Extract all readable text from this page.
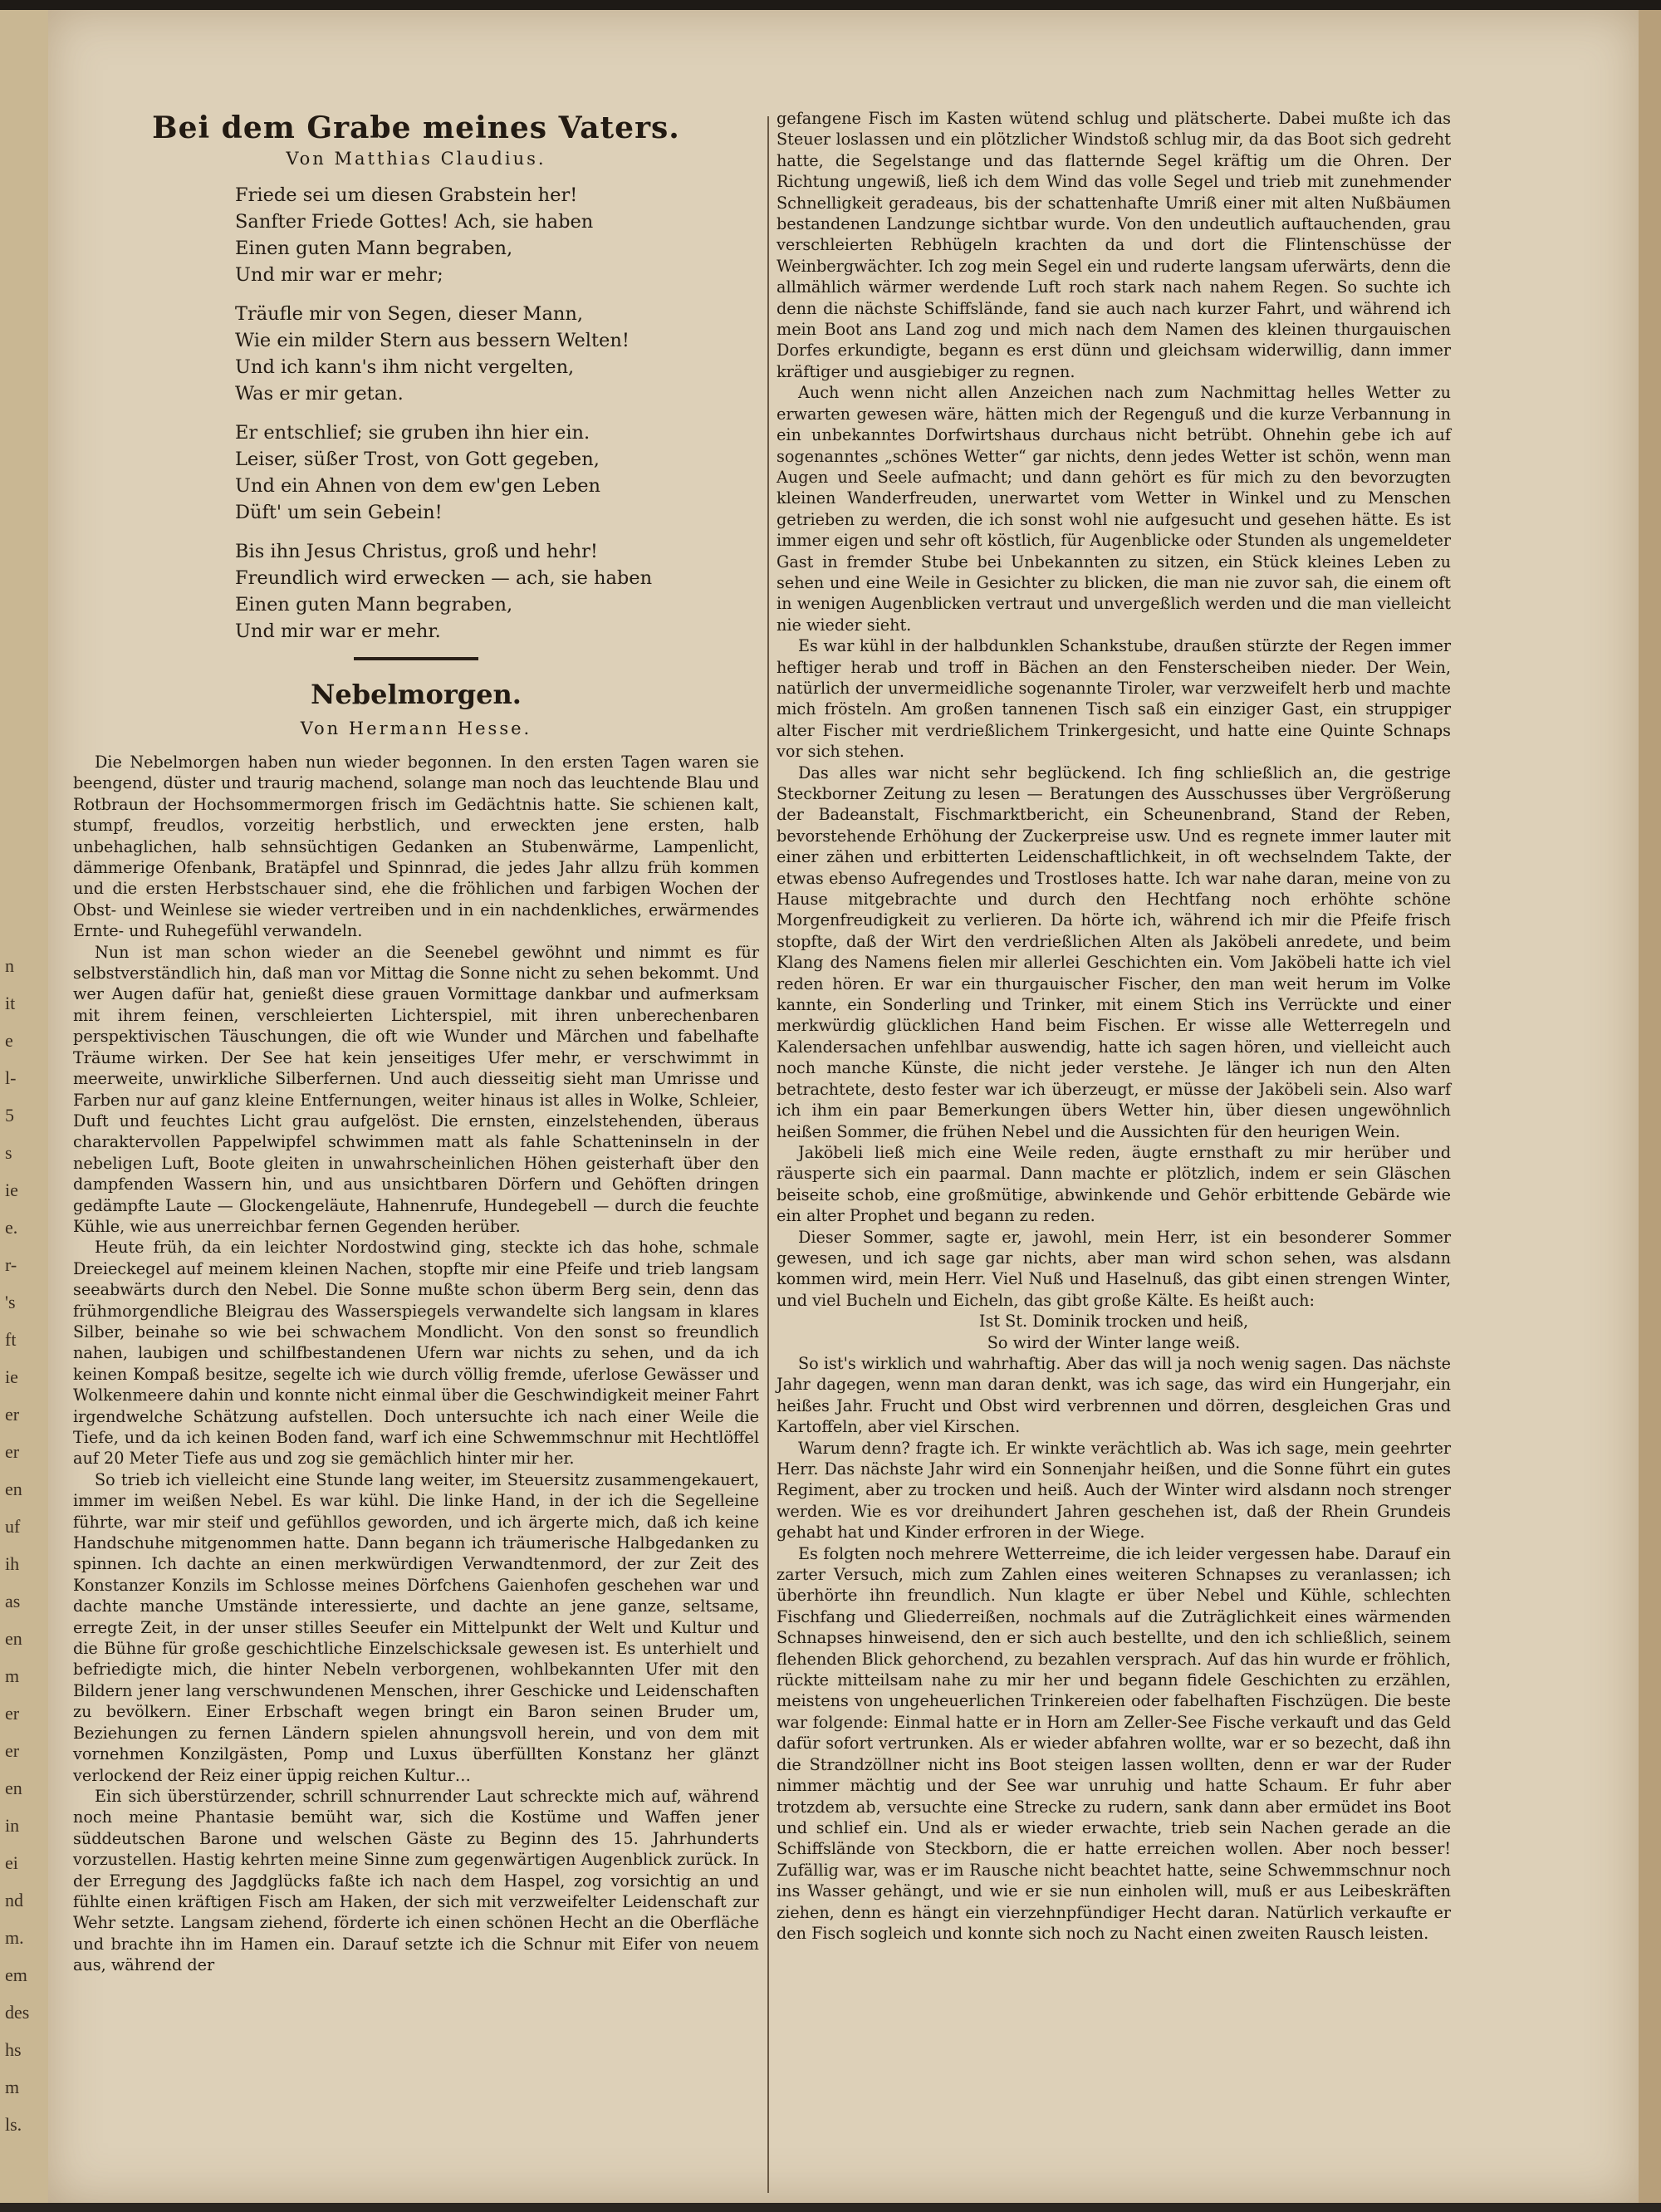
n
it
e
l-
5
s
ie
e.
r-
's
ft
ie
er
er
en
uf
ih
as
en
m
er
er
en
in
ei
nd
m.
em
des
hs
m
ls.
Bei dem Grabe meines Vaters.
Von Matthias Claudius.
Friede sei um diesen Grabstein her!
Sanfter Friede Gottes! Ach, sie haben
Einen guten Mann begraben,
Und mir war er mehr;
Träufle mir von Segen, dieser Mann,
Wie ein milder Stern aus bessern Welten!
Und ich kann's ihm nicht vergelten,
Was er mir getan.
Er entschlief; sie gruben ihn hier ein.
Leiser, süßer Trost, von Gott gegeben,
Und ein Ahnen von dem ew'gen Leben
Düft' um sein Gebein!
Bis ihn Jesus Christus, groß und hehr!
Freundlich wird erwecken — ach, sie haben
Einen guten Mann begraben,
Und mir war er mehr.
Nebelmorgen.
Von Hermann Hesse.

Die Nebelmorgen haben nun wieder begonnen. In den ersten Tagen waren sie beengend, düster und traurig machend, solange man noch das leuchtende Blau und Rotbraun der Hochsommermorgen frisch im Gedächtnis hatte. Sie schienen kalt, stumpf, freudlos, vorzeitig herbstlich, und erweckten jene ersten, halb unbehaglichen, halb sehnsüchtigen Gedanken an Stubenwärme, Lampenlicht, dämmerige Ofenbank, Bratäpfel und Spinnrad, die jedes Jahr allzu früh kommen und die ersten Herbstschauer sind, ehe die fröhlichen und farbigen Wochen der Obst- und Weinlese sie wieder vertreiben und in ein nachdenkliches, erwärmendes Ernte- und Ruhegefühl verwandeln.

Nun ist man schon wieder an die Seenebel gewöhnt und nimmt es für selbstverständlich hin, daß man vor Mittag die Sonne nicht zu sehen bekommt. Und wer Augen dafür hat, genießt diese grauen Vormittage dankbar und aufmerksam mit ihrem feinen, verschleierten Lichterspiel, mit ihren unberechenbaren perspektivischen Täuschungen, die oft wie Wunder und Märchen und fabelhafte Träume wirken. Der See hat kein jenseitiges Ufer mehr, er verschwimmt in meerweite, unwirkliche Silberfernen. Und auch diesseitig sieht man Umrisse und Farben nur auf ganz kleine Entfernungen, weiter hinaus ist alles in Wolke, Schleier, Duft und feuchtes Licht grau aufgelöst. Die ernsten, einzelstehenden, überaus charaktervollen Pappelwipfel schwimmen matt als fahle Schatteninseln in der nebeligen Luft, Boote gleiten in unwahrscheinlichen Höhen geisterhaft über den dampfenden Wassern hin, und aus unsichtbaren Dörfern und Gehöften dringen gedämpfte Laute — Glockengeläute, Hahnenrufe, Hundegebell — durch die feuchte Kühle, wie aus unerreichbar fernen Gegenden herüber.

Heute früh, da ein leichter Nordostwind ging, steckte ich das hohe, schmale Dreieckegel auf meinem kleinen Nachen, stopfte mir eine Pfeife und trieb langsam seeabwärts durch den Nebel. Die Sonne mußte schon überm Berg sein, denn das frühmorgendliche Bleigrau des Wasserspiegels verwandelte sich langsam in klares Silber, beinahe so wie bei schwachem Mondlicht. Von den sonst so freundlich nahen, laubigen und schilfbestandenen Ufern war nichts zu sehen, und da ich keinen Kompaß besitze, segelte ich wie durch völlig fremde, uferlose Gewässer und Wolkenmeere dahin und konnte nicht einmal über die Geschwindigkeit meiner Fahrt irgendwelche Schätzung aufstellen. Doch untersuchte ich nach einer Weile die Tiefe, und da ich keinen Boden fand, warf ich eine Schwemmschnur mit Hechtlöffel auf 20 Meter Tiefe aus und zog sie gemächlich hinter mir her.

So trieb ich vielleicht eine Stunde lang weiter, im Steuersitz zusammengekauert, immer im weißen Nebel. Es war kühl. Die linke Hand, in der ich die Segelleine führte, war mir steif und gefühllos geworden, und ich ärgerte mich, daß ich keine Handschuhe mitgenommen hatte. Dann begann ich träumerische Halbgedanken zu spinnen. Ich dachte an einen merkwürdigen Verwandtenmord, der zur Zeit des Konstanzer Konzils im Schlosse meines Dörfchens Gaienhofen geschehen war und dachte manche Umstände interessierte, und dachte an jene ganze, seltsame, erregte Zeit, in der unser stilles Seeufer ein Mittelpunkt der Welt und Kultur und die Bühne für große geschichtliche Einzelschicksale gewesen ist. Es unterhielt und befriedigte mich, die hinter Nebeln verborgenen, wohlbekannten Ufer mit den Bildern jener lang verschwundenen Menschen, ihrer Geschicke und Leidenschaften zu bevölkern. Einer Erbschaft wegen bringt ein Baron seinen Bruder um, Beziehungen zu fernen Ländern spielen ahnungsvoll herein, und von dem mit vornehmen Konzilgästen, Pomp und Luxus überfüllten Konstanz her glänzt verlockend der Reiz einer üppig reichen Kultur…

Ein sich überstürzender, schrill schnurrender Laut schreckte mich auf, während noch meine Phantasie bemüht war, sich die Kostüme und Waffen jener süddeutschen Barone und welschen Gäste zu Beginn des 15. Jahrhunderts vorzustellen. Hastig kehrten meine Sinne zum gegenwärtigen Augenblick zurück. In der Erregung des Jagdglücks faßte ich nach dem Haspel, zog vorsichtig an und fühlte einen kräftigen Fisch am Haken, der sich mit verzweifelter Leidenschaft zur Wehr setzte. Langsam ziehend, förderte ich einen schönen Hecht an die Oberfläche und brachte ihn im Hamen ein. Darauf setzte ich die Schnur mit Eifer von neuem aus, während der

gefangene Fisch im Kasten wütend schlug und plätscherte. Dabei mußte ich das Steuer loslassen und ein plötzlicher Windstoß schlug mir, da das Boot sich gedreht hatte, die Segelstange und das flatternde Segel kräftig um die Ohren. Der Richtung ungewiß, ließ ich dem Wind das volle Segel und trieb mit zunehmender Schnelligkeit geradeaus, bis der schattenhafte Umriß einer mit alten Nußbäumen bestandenen Landzunge sichtbar wurde. Von den undeutlich auftauchenden, grau verschleierten Rebhügeln krachten da und dort die Flintenschüsse der Weinbergwächter. Ich zog mein Segel ein und ruderte langsam uferwärts, denn die allmählich wärmer werdende Luft roch stark nach nahem Regen. So suchte ich denn die nächste Schiffslände, fand sie auch nach kurzer Fahrt, und während ich mein Boot ans Land zog und mich nach dem Namen des kleinen thurgauischen Dorfes erkundigte, begann es erst dünn und gleichsam widerwillig, dann immer kräftiger und ausgiebiger zu regnen.

Auch wenn nicht allen Anzeichen nach zum Nachmittag helles Wetter zu erwarten gewesen wäre, hätten mich der Regenguß und die kurze Verbannung in ein unbekanntes Dorfwirtshaus durchaus nicht betrübt. Ohnehin gebe ich auf sogenanntes „schönes Wetter“ gar nichts, denn jedes Wetter ist schön, wenn man Augen und Seele aufmacht; und dann gehört es für mich zu den bevorzugten kleinen Wanderfreuden, unerwartet vom Wetter in Winkel und zu Menschen getrieben zu werden, die ich sonst wohl nie aufgesucht und gesehen hätte. Es ist immer eigen und sehr oft köstlich, für Augenblicke oder Stunden als ungemeldeter Gast in fremder Stube bei Unbekannten zu sitzen, ein Stück kleines Leben zu sehen und eine Weile in Gesichter zu blicken, die man nie zuvor sah, die einem oft in wenigen Augenblicken vertraut und unvergeßlich werden und die man vielleicht nie wieder sieht.

Es war kühl in der halbdunklen Schankstube, draußen stürzte der Regen immer heftiger herab und troff in Bächen an den Fensterscheiben nieder. Der Wein, natürlich der unvermeidliche sogenannte Tiroler, war verzweifelt herb und machte mich frösteln. Am großen tannenen Tisch saß ein einziger Gast, ein struppiger alter Fischer mit verdrießlichem Trinkergesicht, und hatte eine Quinte Schnaps vor sich stehen.

Das alles war nicht sehr beglückend. Ich fing schließlich an, die gestrige Steckborner Zeitung zu lesen — Beratungen des Ausschusses über Vergrößerung der Badeanstalt, Fischmarktbericht, ein Scheunenbrand, Stand der Reben, bevorstehende Erhöhung der Zuckerpreise usw. Und es regnete immer lauter mit einer zähen und erbitterten Leidenschaftlichkeit, in oft wechselndem Takte, der etwas ebenso Aufregendes und Trostloses hatte. Ich war nahe daran, meine von zu Hause mitgebrachte und durch den Hechtfang noch erhöhte schöne Morgenfreudigkeit zu verlieren. Da hörte ich, während ich mir die Pfeife frisch stopfte, daß der Wirt den verdrießlichen Alten als Jaköbeli anredete, und beim Klang des Namens fielen mir allerlei Geschichten ein. Vom Jaköbeli hatte ich viel reden hören. Er war ein thurgauischer Fischer, den man weit herum im Volke kannte, ein Sonderling und Trinker, mit einem Stich ins Verrückte und einer merkwürdig glücklichen Hand beim Fischen. Er wisse alle Wetterregeln und Kalendersachen unfehlbar auswendig, hatte ich sagen hören, und vielleicht auch noch manche Künste, die nicht jeder verstehe. Je länger ich nun den Alten betrachtete, desto fester war ich überzeugt, er müsse der Jaköbeli sein. Also warf ich ihm ein paar Bemerkungen übers Wetter hin, über diesen ungewöhnlich heißen Sommer, die frühen Nebel und die Aussichten für den heurigen Wein.

Jaköbeli ließ mich eine Weile reden, äugte ernsthaft zu mir herüber und räusperte sich ein paarmal. Dann machte er plötzlich, indem er sein Gläschen beiseite schob, eine großmütige, abwinkende und Gehör erbittende Gebärde wie ein alter Prophet und begann zu reden.

Dieser Sommer, sagte er, jawohl, mein Herr, ist ein besonderer Sommer gewesen, und ich sage gar nichts, aber man wird schon sehen, was alsdann kommen wird, mein Herr. Viel Nuß und Haselnuß, das gibt einen strengen Winter, und viel Bucheln und Eicheln, das gibt große Kälte. Es heißt auch:

Ist St. Dominik trocken und heiß,
So wird der Winter lange weiß.

So ist's wirklich und wahrhaftig. Aber das will ja noch wenig sagen. Das nächste Jahr dagegen, wenn man daran denkt, was ich sage, das wird ein Hungerjahr, ein heißes Jahr. Frucht und Obst wird verbrennen und dörren, desgleichen Gras und Kartoffeln, aber viel Kirschen.

Warum denn? fragte ich. Er winkte verächtlich ab. Was ich sage, mein geehrter Herr. Das nächste Jahr wird ein Sonnenjahr heißen, und die Sonne führt ein gutes Regiment, aber zu trocken und heiß. Auch der Winter wird alsdann noch strenger werden. Wie es vor dreihundert Jahren geschehen ist, daß der Rhein Grundeis gehabt hat und Kinder erfroren in der Wiege.

Es folgten noch mehrere Wetterreime, die ich leider vergessen habe. Darauf ein zarter Versuch, mich zum Zahlen eines weiteren Schnapses zu veranlassen; ich überhörte ihn freundlich. Nun klagte er über Nebel und Kühle, schlechten Fischfang und Gliederreißen, nochmals auf die Zuträglichkeit eines wärmenden Schnapses hinweisend, den er sich auch bestellte, und den ich schließlich, seinem flehenden Blick gehorchend, zu bezahlen versprach. Auf das hin wurde er fröhlich, rückte mitteilsam nahe zu mir her und begann fidele Geschichten zu erzählen, meistens von ungeheuerlichen Trinkereien oder fabelhaften Fischzügen. Die beste war folgende: Einmal hatte er in Horn am Zeller-See Fische verkauft und das Geld dafür sofort vertrunken. Als er wieder abfahren wollte, war er so bezecht, daß ihn die Strandzöllner nicht ins Boot steigen lassen wollten, denn er war der Ruder nimmer mächtig und der See war unruhig und hatte Schaum. Er fuhr aber trotzdem ab, versuchte eine Strecke zu rudern, sank dann aber ermüdet ins Boot und schlief ein. Und als er wieder erwachte, trieb sein Nachen gerade an die Schiffslände von Steckborn, die er hatte erreichen wollen. Aber noch besser! Zufällig war, was er im Rausche nicht beachtet hatte, seine Schwemmschnur noch ins Wasser gehängt, und wie er sie nun einholen will, muß er aus Leibeskräften ziehen, denn es hängt ein vierzehnpfündiger Hecht daran. Natürlich verkaufte er den Fisch sogleich und konnte sich noch zu Nacht einen zweiten Rausch leisten.
